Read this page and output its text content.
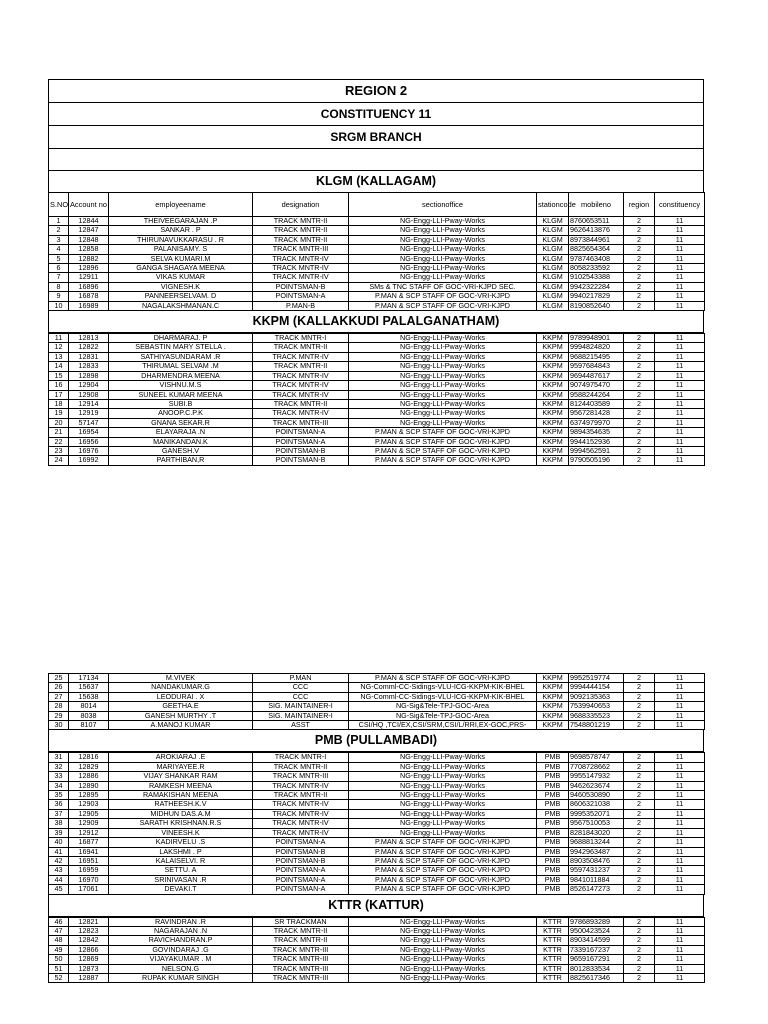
REGION 2
CONSTITUENCY 11
SRGM BRANCH
KLGM (KALLAGAM)
S.NO	Account no	employeename	designation	sectionoffice	stationcode	mobileno	region	constituency
1	12844	THEIVEEGARAJAN .P	TRACK MNTR-II	NG-Engg-LLI-Pway-Works	KLGM	8760653511	2	11
2	12847	SANKAR . P	TRACK MNTR-II	NG-Engg-LLI-Pway-Works	KLGM	9626413876	2	11
3	12848	THIRUNAVUKKARASU . R	TRACK MNTR-II	NG-Engg-LLI-Pway-Works	KLGM	8973844961	2	11
4	12858	PALANISAMY. S	TRACK MNTR-III	NG-Engg-LLI-Pway-Works	KLGM	8825654364	2	11
5	12882	SELVA KUMARI.M	TRACK MNTR-IV	NG-Engg-LLI-Pway-Works	KLGM	9787463408	2	11
6	12896	GANGA SHAGAYA MEENA	TRACK MNTR-IV	NG-Engg-LLI-Pway-Works	KLGM	8058233592	2	11
7	12911	VIKAS KUMAR	TRACK MNTR-IV	NG-Engg-LLI-Pway-Works	KLGM	9102543388	2	11
8	16896	VIGNESH.K	POINTSMAN-B	SMs & TNC STAFF OF GOC-VRI-KJPD SEC.	KLGM	9942322284	2	11
9	16878	PANNEERSELVAM. D	POINTSMAN-A	P.MAN & SCP STAFF OF GOC-VRI-KJPD	KLGM	9940217829	2	11
10	16989	NAGALAKSHMANAN.C	P.MAN-B	P.MAN & SCP STAFF OF GOC-VRI-KJPD	KLGM	8190852640	2	11
KKPM (KALLAKKUDI PALALGANATHAM)
11	12813	DHARMARAJ. P	TRACK MNTR-I	NG-Engg-LLI-Pway-Works	KKPM	9789948901	2	11
12	12822	SEBASTIN MARY STELLA .	TRACK MNTR-II	NG-Engg-LLI-Pway-Works	KKPM	9994824820	2	11
13	12831	SATHIYASUNDARAM .R	TRACK MNTR-IV	NG-Engg-LLI-Pway-Works	KKPM	9688215495	2	11
14	12833	THIRUMAL SELVAM .M	TRACK MNTR-II	NG-Engg-LLI-Pway-Works	KKPM	9597684843	2	11
15	12898	DHARMENDRA MEENA	TRACK MNTR-IV	NG-Engg-LLI-Pway-Works	KKPM	9694487617	2	11
16	12904	VISHNU.M.S	TRACK MNTR-IV	NG-Engg-LLI-Pway-Works	KKPM	9074975470	2	11
17	12908	SUNEEL KUMAR MEENA	TRACK MNTR-IV	NG-Engg-LLI-Pway-Works	KKPM	9588244264	2	11
18	12914	SUBI.B	TRACK MNTR-II	NG-Engg-LLI-Pway-Works	KKPM	8124403589	2	11
19	12919	ANOOP.C.P.K	TRACK MNTR-IV	NG-Engg-LLI-Pway-Works	KKPM	9567281428	2	11
20	57147	GNANA SEKAR.R	TRACK MNTR-III	NG-Engg-LLI-Pway-Works	KKPM	6374979970	2	11
21	16954	ELAYARAJA .N	POINTSMAN-A	P.MAN & SCP STAFF OF GOC-VRI-KJPD	KKPM	9894354635	2	11
22	16956	MANIKANDAN.K	POINTSMAN-A	P.MAN & SCP STAFF OF GOC-VRI-KJPD	KKPM	9944152936	2	11
23	16976	GANESH.V	POINTSMAN-B	P.MAN & SCP STAFF OF GOC-VRI-KJPD	KKPM	9994562591	2	11
24	16992	PARTHIBAN,R	POINTSMAN-B	P.MAN & SCP STAFF OF GOC-VRI-KJPD	KKPM	9790505196	2	11
25	17134	M.VIVEK	P.MAN	P.MAN & SCP STAFF OF GOC-VRI-KJPD	KKPM	9952519774	2	11
26	15637	NANDAKUMAR.G	CCC	NG-Comml-CC-Sidings-VLU-ICG-KKPM-KIK-BHEL	KKPM	9994444154	2	11
27	15638	LEODURAI . X	CCC	NG-Comml-CC-Sidings-VLU-ICG-KKPM-KIK-BHEL	KKPM	9092135363	2	11
28	8014	GEETHA.E	SIG. MAINTAINER-I	NG-Sig&Tele-TPJ-GOC-Area	KKPM	7539940653	2	11
29	8038	GANESH MURTHY .T	SIG. MAINTAINER-I	NG-Sig&Tele-TPJ-GOC-Area	KKPM	9688335523	2	11
30	8107	A.MANOJ KUMAR	ASST	CSI/HQ ,TCI/EX,CSI/SRM,CSI/L/RRI,EX-GOC,PRS-	KKPM	7548801219	2	11
PMB (PULLAMBADI)
31	12816	AROKIARAJ .E	TRACK MNTR-I	NG-Engg-LLI-Pway-Works	PMB	9698578747	2	11
32	12829	MARIYAYEE.R	TRACK MNTR-II	NG-Engg-LLI-Pway-Works	PMB	7708728662	2	11
33	12886	VIJAY SHANKAR RAM	TRACK MNTR-III	NG-Engg-LLI-Pway-Works	PMB	9955147932	2	11
34	12890	RAMKESH MEENA	TRACK MNTR-IV	NG-Engg-LLI-Pway-Works	PMB	9462623674	2	11
35	12895	RAMAKISHAN MEENA	TRACK MNTR-II	NG-Engg-LLI-Pway-Works	PMB	9460530890	2	11
36	12903	RATHEESH.K.V	TRACK MNTR-IV	NG-Engg-LLI-Pway-Works	PMB	8606321038	2	11
37	12905	MIDHUN DAS.A.M	TRACK MNTR-IV	NG-Engg-LLI-Pway-Works	PMB	9995352071	2	11
38	12909	SARATH KRISHNAN.R.S	TRACK MNTR-IV	NG-Engg-LLI-Pway-Works	PMB	9567510053	2	11
39	12912	VINEESH.K	TRACK MNTR-IV	NG-Engg-LLI-Pway-Works	PMB	8281843020	2	11
40	16877	KADIRVELU .S	POINTSMAN-A	P.MAN & SCP STAFF OF GOC-VRI-KJPD	PMB	9688813244	2	11
41	16941	LAKSHMI . P	POINTSMAN-B	P.MAN & SCP STAFF OF GOC-VRI-KJPD	PMB	9942963487	2	11
42	16951	KALAISELVI. R	POINTSMAN-B	P.MAN & SCP STAFF OF GOC-VRI-KJPD	PMB	8903508476	2	11
43	16959	SETTU. A	POINTSMAN-A	P.MAN & SCP STAFF OF GOC-VRI-KJPD	PMB	9597431237	2	11
44	16970	SRINIVASAN .R	POINTSMAN-A	P.MAN & SCP STAFF OF GOC-VRI-KJPD	PMB	9841011884	2	11
45	17061	DEVAKI.T	POINTSMAN-A	P.MAN & SCP STAFF OF GOC-VRI-KJPD	PMB	8526147273	2	11
KTTR (KATTUR)
46	12821	RAVINDRAN .R	SR TRACKMAN	NG-Engg-LLI-Pway-Works	KTTR	9786893289	2	11
47	12823	NAGARAJAN .N	TRACK MNTR-II	NG-Engg-LLI-Pway-Works	KTTR	9500423524	2	11
48	12842	RAVICHANDRAN.P	TRACK MNTR-II	NG-Engg-LLI-Pway-Works	KTTR	8903414599	2	11
49	12866	GOVINDARAJ .G	TRACK MNTR-III	NG-Engg-LLI-Pway-Works	KTTR	7339167237	2	11
50	12869	VIJAYAKUMAR . M	TRACK MNTR-III	NG-Engg-LLI-Pway-Works	KTTR	9659167291	2	11
51	12873	NELSON.G	TRACK MNTR-III	NG-Engg-LLI-Pway-Works	KTTR	8012833534	2	11
52	12887	RUPAK KUMAR SINGH	TRACK MNTR-III	NG-Engg-LLI-Pway-Works	KTTR	8825617346	2	11
